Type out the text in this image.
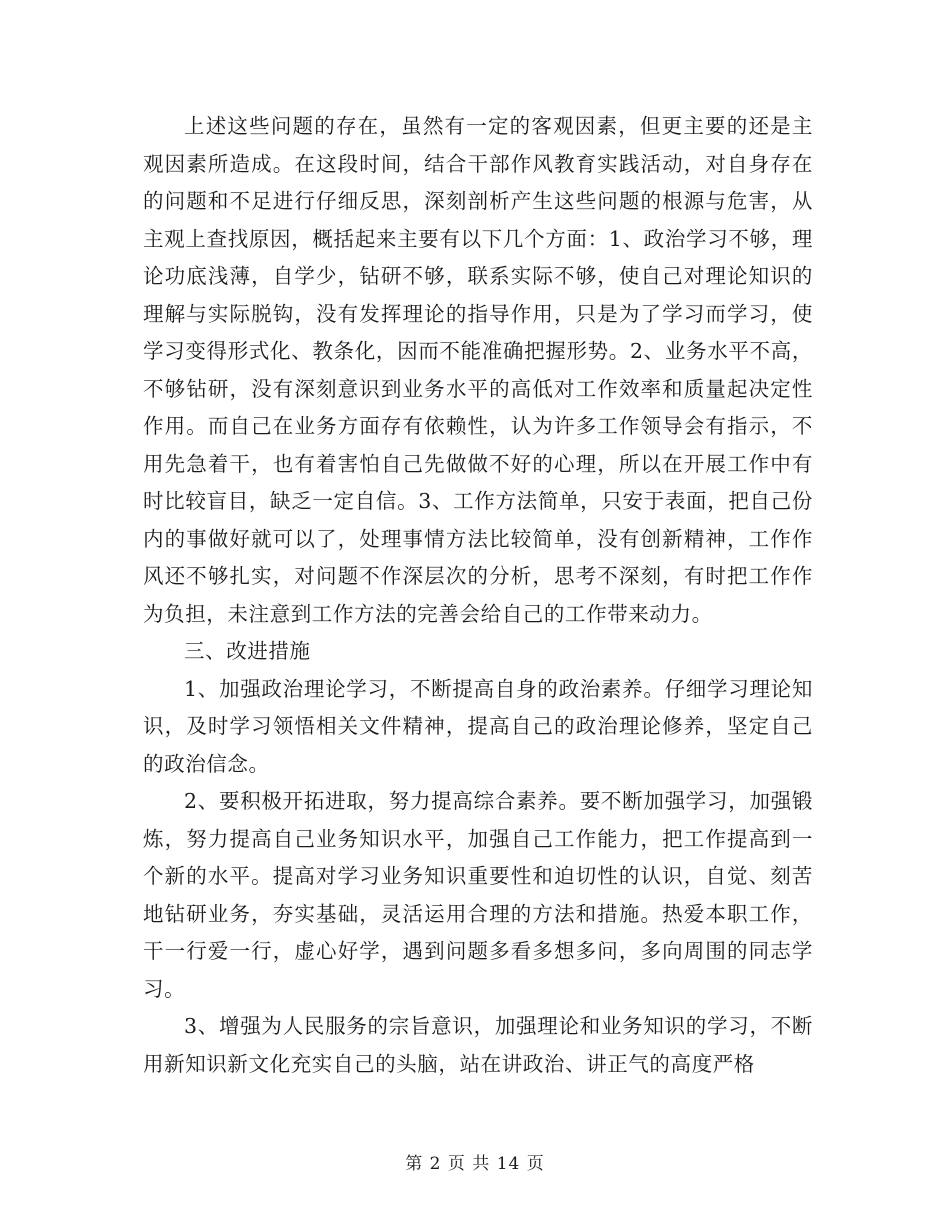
上述这些问题的存在，虽然有一定的客观因素，但更主要的还是主观因素所造成。在这段时间，结合干部作风教育实践活动，对自身存在的问题和不足进行仔细反思，深刻剖析产生这些问题的根源与危害，从主观上查找原因，概括起来主要有以下几个方面：1、政治学习不够，理论功底浅薄，自学少，钻研不够，联系实际不够，使自己对理论知识的理解与实际脱钩，没有发挥理论的指导作用，只是为了学习而学习，使学习变得形式化、教条化，因而不能准确把握形势。2、业务水平不高，不够钻研，没有深刻意识到业务水平的高低对工作效率和质量起决定性作用。而自己在业务方面存有依赖性，认为许多工作领导会有指示，不用先急着干，也有着害怕自己先做做不好的心理，所以在开展工作中有时比较盲目，缺乏一定自信。3、工作方法简单，只安于表面，把自己份内的事做好就可以了，处理事情方法比较简单，没有创新精神，工作作风还不够扎实，对问题不作深层次的分析，思考不深刻，有时把工作作为负担，未注意到工作方法的完善会给自己的工作带来动力。

三、改进措施

1、加强政治理论学习，不断提高自身的政治素养。仔细学习理论知识，及时学习领悟相关文件精神，提高自己的政治理论修养，坚定自己的政治信念。

2、要积极开拓进取，努力提高综合素养。要不断加强学习，加强锻炼，努力提高自己业务知识水平，加强自己工作能力，把工作提高到一个新的水平。提高对学习业务知识重要性和迫切性的认识，自觉、刻苦地钻研业务，夯实基础，灵活运用合理的方法和措施。热爱本职工作，干一行爱一行，虚心好学，遇到问题多看多想多问，多向周围的同志学习。

3、增强为人民服务的宗旨意识，加强理论和业务知识的学习，不断用新知识新文化充实自己的头脑，站在讲政治、讲正气的高度严格

第 2 页 共 14 页
